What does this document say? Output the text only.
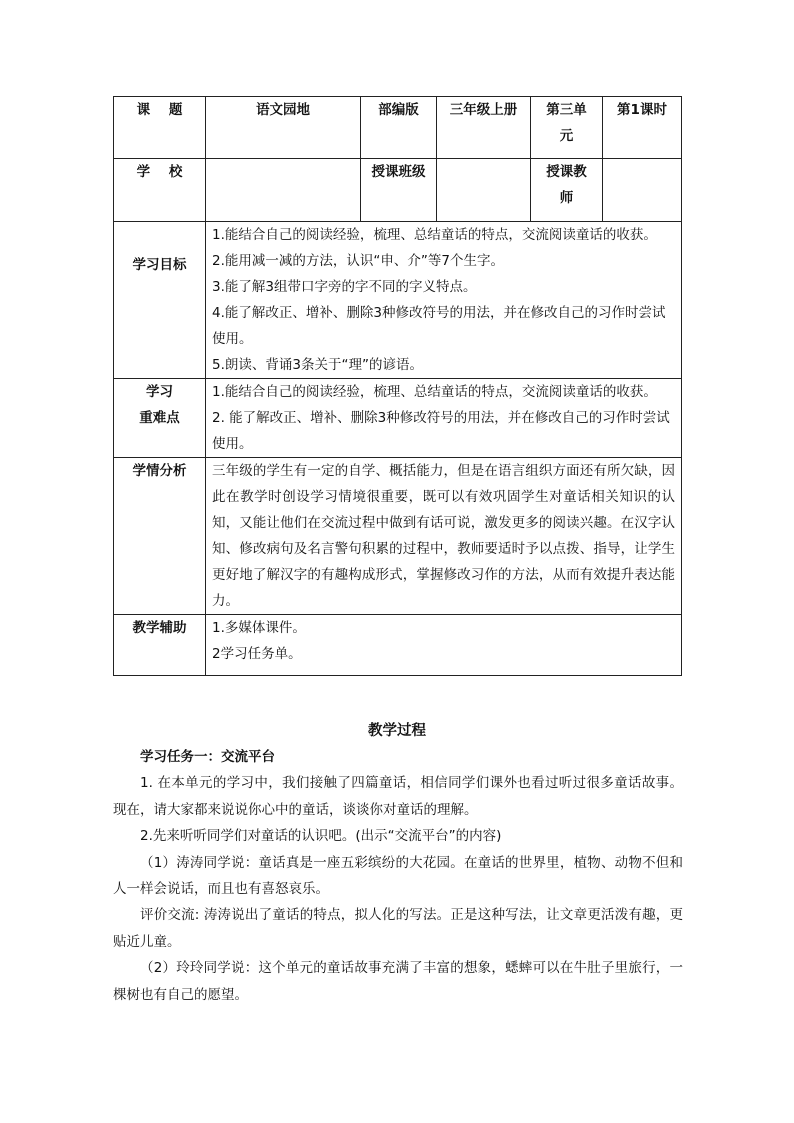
课 题	语文园地	部编版	三年级上册	第三单元	第1课时
学 校		授课班级		授课教师	
学习目标	1.能结合自己的阅读经验，梳理、总结童话的特点，交流阅读童话的收获。
2.能用减一减的方法，认识“申、介”等7个生字。
3.能了解3组带口字旁的字不同的字义特点。
4.能了解改正、增补、删除3种修改符号的用法，并在修改自己的习作时尝试使用。
5.朗读、背诵3条关于“理”的谚语。				

学习
重难点	1.能结合自己的阅读经验，梳理、总结童话的特点，交流阅读童话的收获。
2. 能了解改正、增补、删除3种修改符号的用法，并在修改自己的习作时尝试使用。				

学情分析	三年级的学生有一定的自学、概括能力，但是在语言组织方面还有所欠缺，因此在教学时创设学习情境很重要，既可以有效巩固学生对童话相关知识的认知，又能让他们在交流过程中做到有话可说，激发更多的阅读兴趣。在汉字认知、修改病句及名言警句积累的过程中，教师要适时予以点拨、指导，让学生更好地了解汉字的有趣构成形式，掌握修改习作的方法，从而有效提升表达能力。				
教学辅助	1.多媒体课件。
2学习任务单。				
教学过程

学习任务一：交流平台

1. 在本单元的学习中，我们接触了四篇童话，相信同学们课外也看过听过很多童话故事。现在，请大家都来说说你心中的童话，谈谈你对童话的理解。

2.先来听听同学们对童话的认识吧。(出示“交流平台”的内容)

（1）涛涛同学说：童话真是一座五彩缤纷的大花园。在童话的世界里，植物、动物不但和人一样会说话，而且也有喜怒哀乐。

评价交流: 涛涛说出了童话的特点，拟人化的写法。正是这种写法，让文章更活泼有趣，更贴近儿童。

（2）玲玲同学说：这个单元的童话故事充满了丰富的想象，蟋蟀可以在牛肚子里旅行，一棵树也有自己的愿望。
